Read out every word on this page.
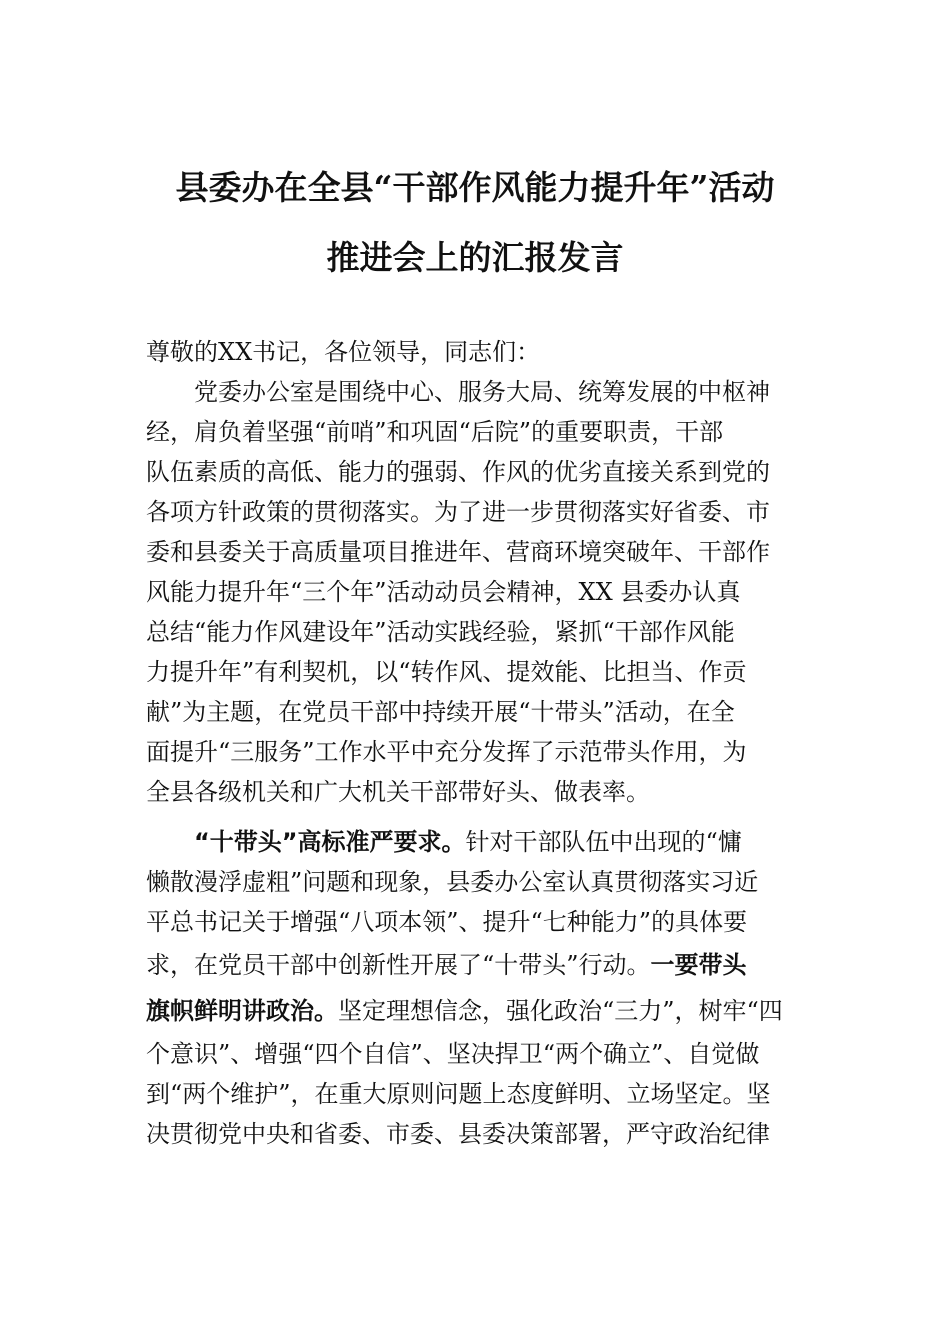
县委办在全县“干部作风能力提升年”活动
推进会上的汇报发言
尊敬的XX书记，各位领导，同志们：
党委办公室是围绕中心、服务大局、统筹发展的中枢神
经，肩负着坚强“前哨”和巩固“后院”的重要职责，干部
队伍素质的高低、能力的强弱、作风的优劣直接关系到党的
各项方针政策的贯彻落实。为了进一步贯彻落实好省委、市
委和县委关于高质量项目推进年、营商环境突破年、干部作
风能力提升年“三个年”活动动员会精神，XX 县委办认真
总结“能力作风建设年”活动实践经验，紧抓“干部作风能
力提升年”有利契机，以“转作风、提效能、比担当、作贡
献”为主题，在党员干部中持续开展“十带头”活动，在全
面提升“三服务”工作水平中充分发挥了示范带头作用，为
全县各级机关和广大机关干部带好头、做表率。
“十带头”高标准严要求。针对干部队伍中出现的“慵
懒散漫浮虚粗”问题和现象，县委办公室认真贯彻落实习近
平总书记关于增强“八项本领”、提升“七种能力”的具体要
求，在党员干部中创新性开展了“十带头”行动。一要带头
旗帜鲜明讲政治。坚定理想信念，强化政治“三力”，树牢“四
个意识”、增强“四个自信”、坚决捍卫“两个确立”、自觉做
到“两个维护”，在重大原则问题上态度鲜明、立场坚定。坚
决贯彻党中央和省委、市委、县委决策部署，严守政治纪律
